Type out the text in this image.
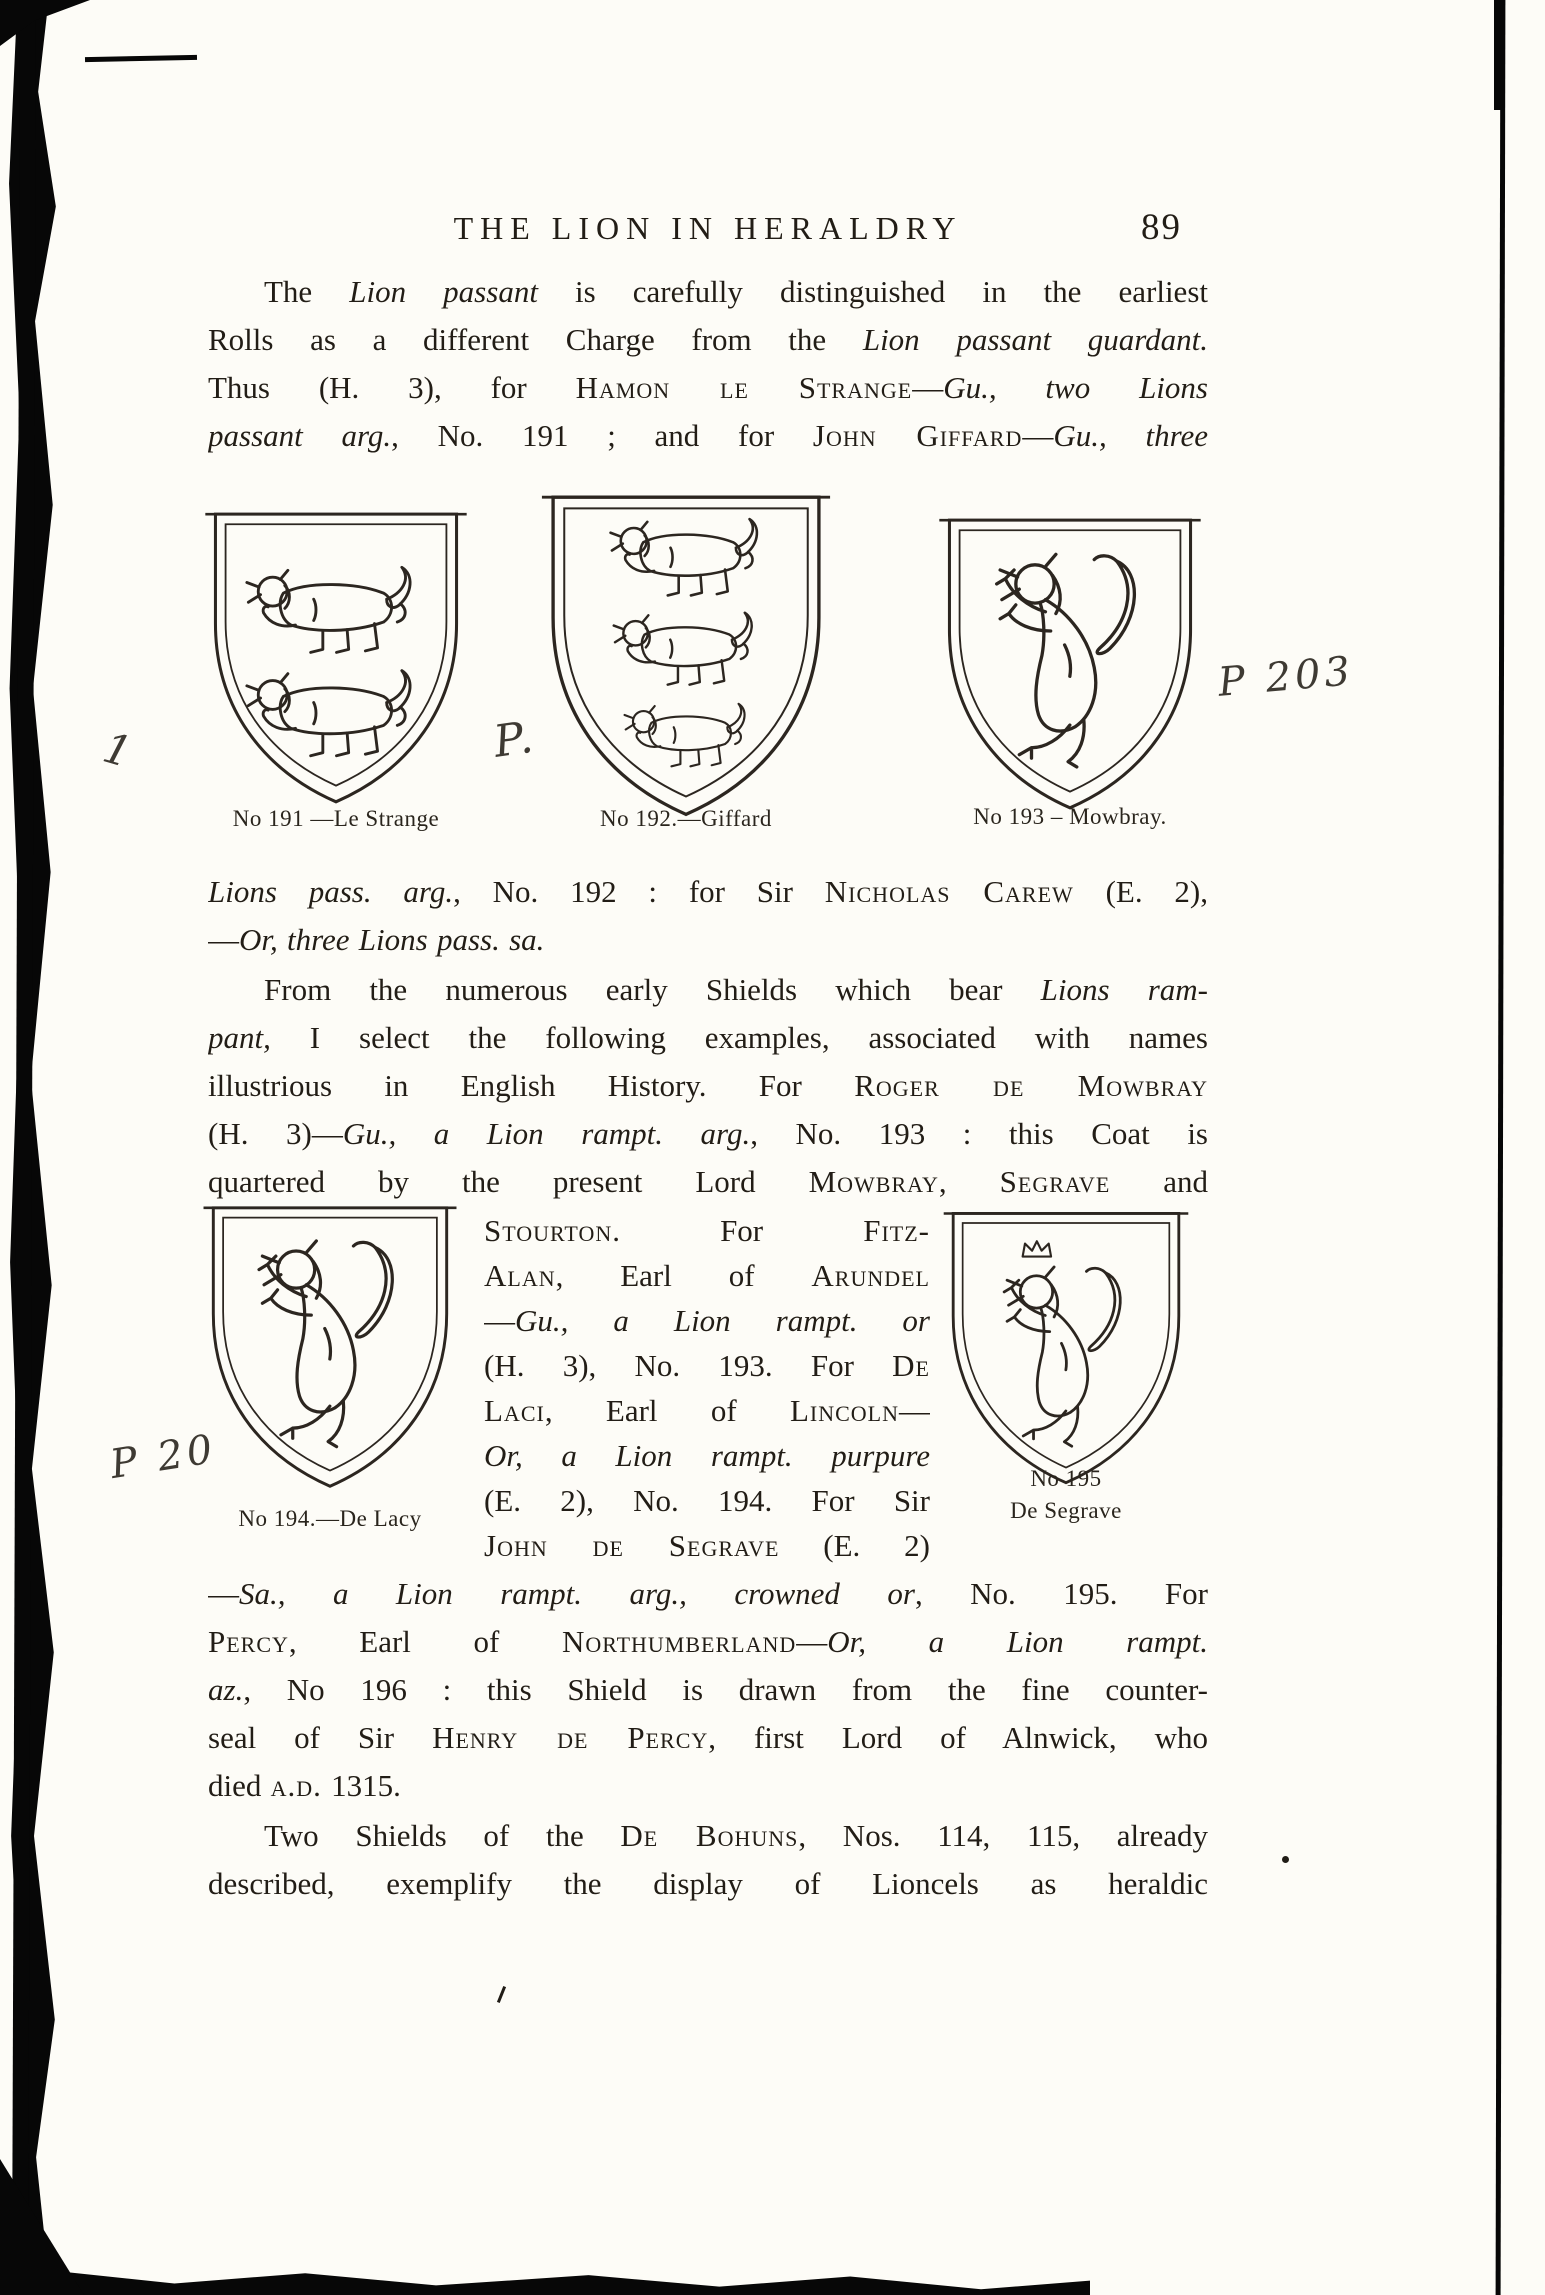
THE LION IN HERALDRY	89
The Lion passant is carefully distinguished in the earliest
Rolls as a different Charge from the Lion passant guardant.
Thus (H. 3), for Hamon le Strange—Gu., two Lions
passant arg., No. 191 ; and for John Giffard—Gu., three
Lions pass. arg., No. 192 : for Sir Nicholas Carew (E. 2),
—Or, three Lions pass. sa.
From the numerous early Shields which bear Lions ram-
pant, I select the following examples, associated with names
illustrious in English History. For Roger de Mowbray
(H. 3)—Gu., a Lion rampt. arg., No. 193 : this Coat is
quartered by the present Lord Mowbray, Segrave and
Stourton. For Fitz-
Alan, Earl of Arundel
—Gu., a Lion rampt. or
(H. 3), No. 193. For De
Laci, Earl of Lincoln—
Or, a Lion rampt. purpure
(E. 2), No. 194. For Sir
John de Segrave (E. 2)
—Sa., a Lion rampt. arg., crowned or, No. 195. For
Percy, Earl of Northumberland—Or, a Lion rampt.
az., No 196 : this Shield is drawn from the fine counter-
seal of Sir Henry de Percy, first Lord of Alnwick, who
died a.d. 1315.
Two Shields of the De Bohuns, Nos. 114, 115, already
described, exemplify the display of Lioncels as heraldic
No 191 —Le Strange	No 192.—Giffard	No 193 – Mowbray.
No 194.—De Lacy
No 195
De Segrave
1	P.
P 203
P 20
